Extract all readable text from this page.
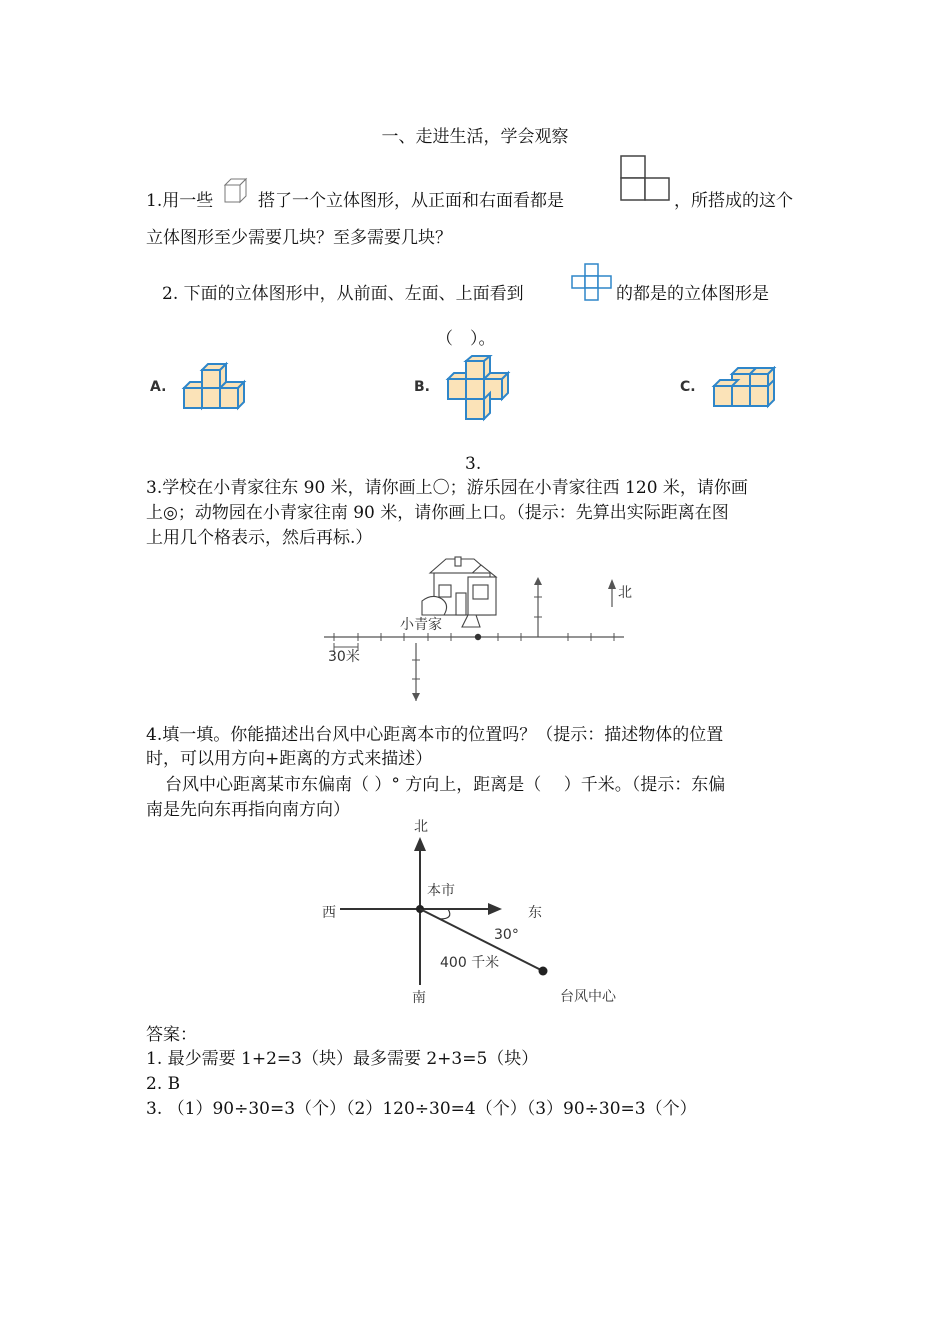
一、走进生活，学会观察
1.用一些	搭了一个立体图形，从正面和右面看都是	，所搭成的这个
立体图形至少需要几块？至多需要几块？
2. 下面的立体图形中，从前面、左面、上面看到	的都是的立体图形是
（　）。
A.	B.	C.
3.
3.学校在小青家往东 90 米，请你画上〇；游乐园在小青家往西 120 米，请你画
上◎；动物园在小青家往南 90 米，请你画上口。（提示：先算出实际距离在图
上用几个格表示，然后再标.）
小青家
30米
北
4.填一填。你能描述出台风中心距离本市的位置吗？（提示：描述物体的位置
时，可以用方向+距离的方式来描述）
台风中心距离某市东偏南（ ）° 方向上，距离是（　 ）千米。（提示：东偏
南是先向东再指向南方向）
北
南
东
西
本市
30°
400 千米
台风中心
答案：
1. 最少需要 1+2=3（块）最多需要 2+3=5（块）
2. B
3. （1）90÷30=3（个）（2）120÷30=4（个）（3）90÷30=3（个）
